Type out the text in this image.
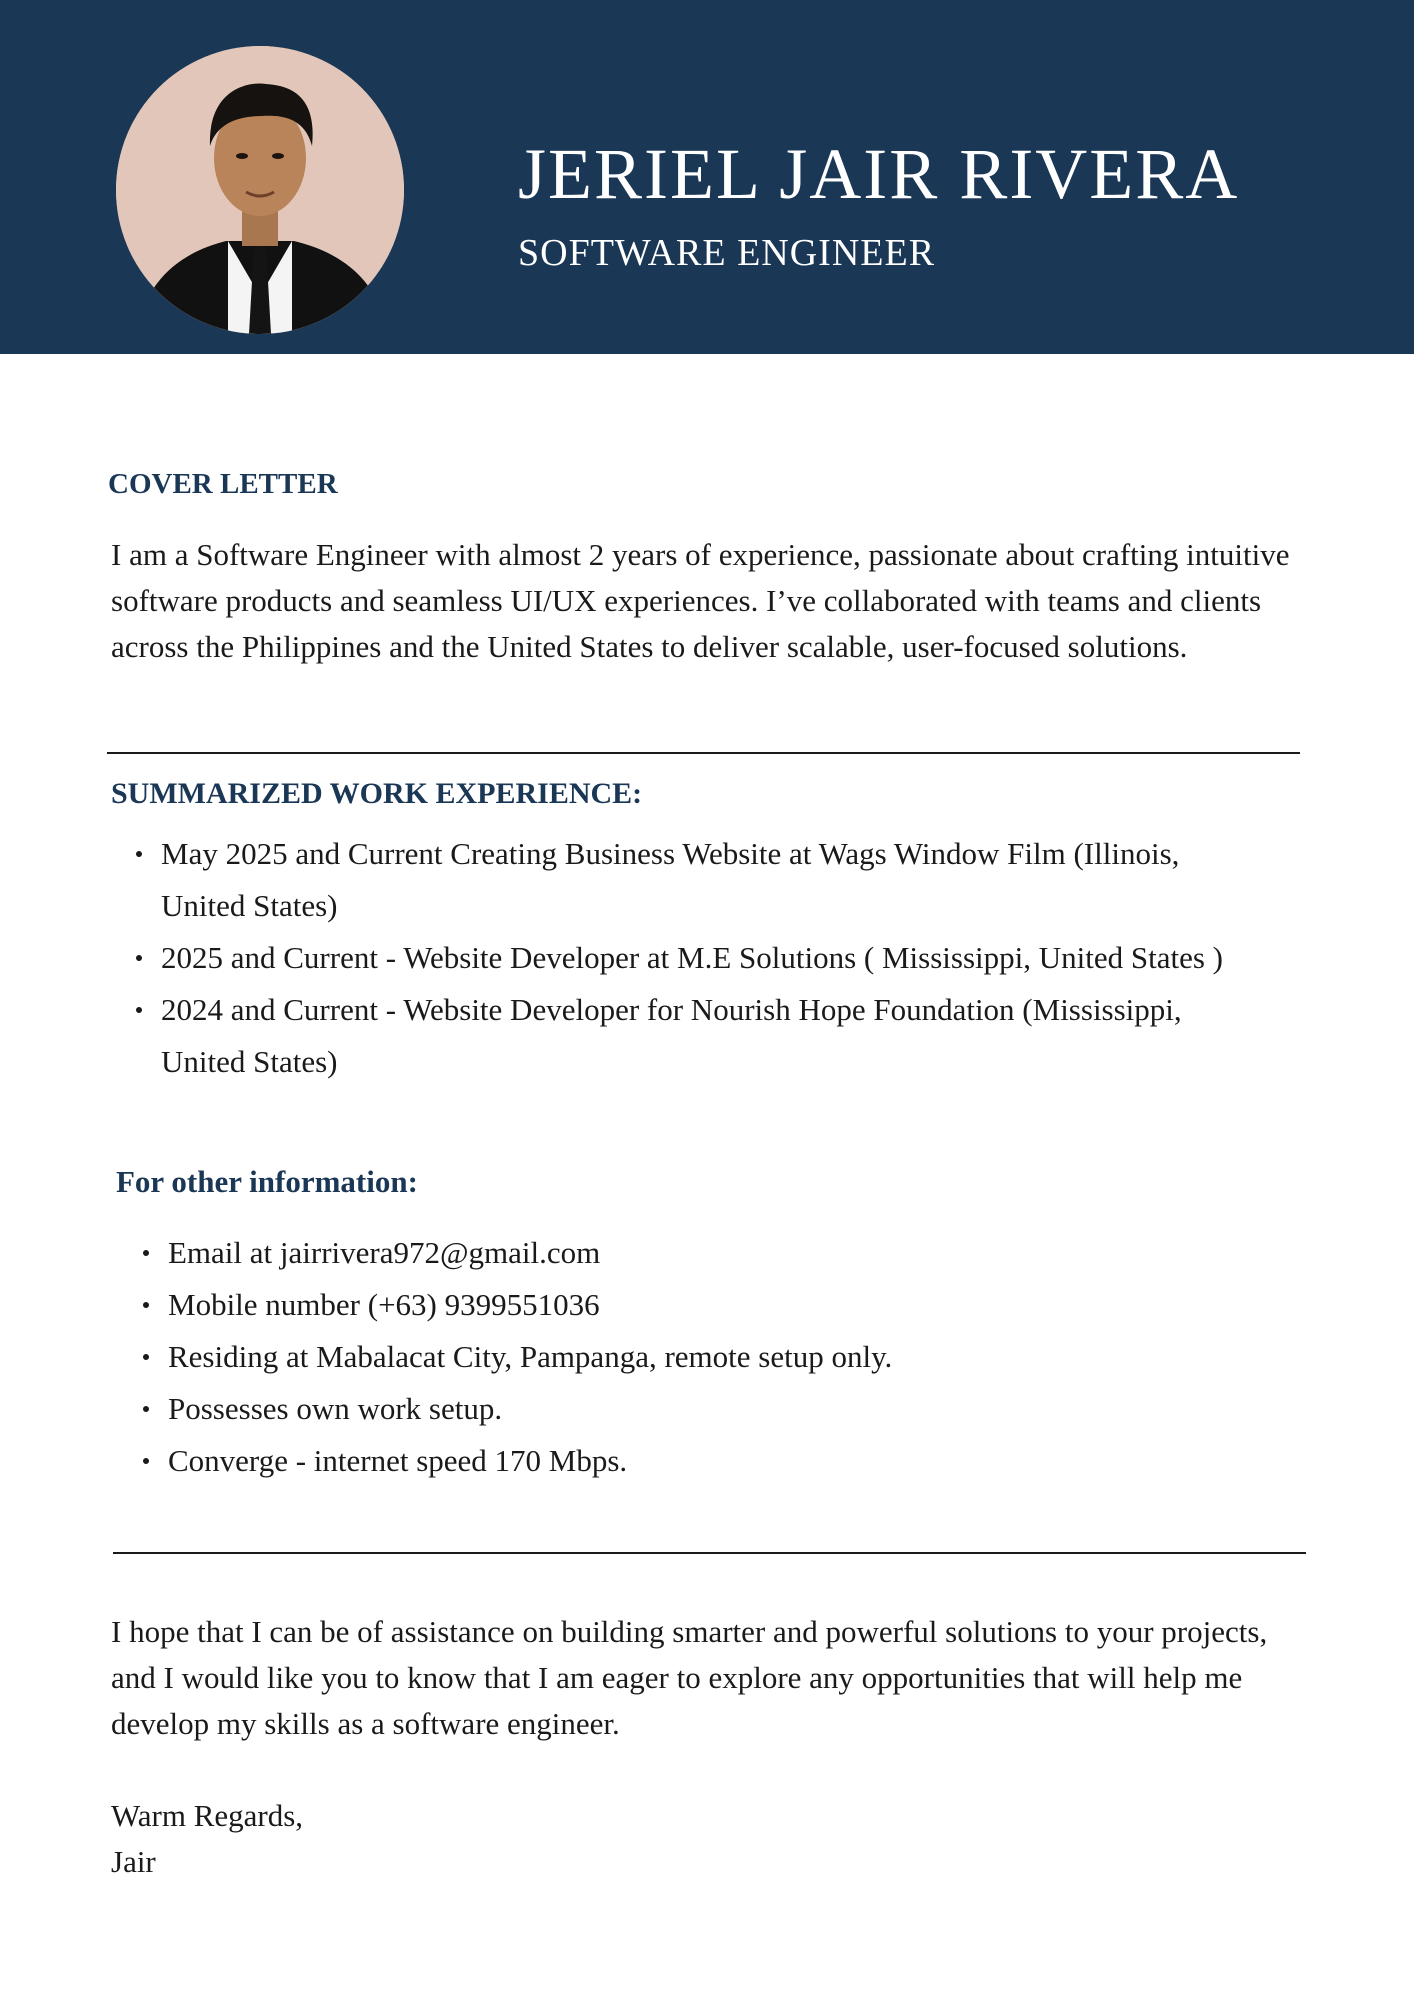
JERIEL JAIR RIVERA
SOFTWARE ENGINEER
COVER LETTER

I am a Software Engineer with almost 2 years of experience, passionate about crafting intuitive software products and seamless UI/UX experiences. I’ve collaborated with teams and clients across the Philippines and the United States to deliver scalable, user-focused solutions.

SUMMARIZED WORK EXPERIENCE:
May 2025 and Current Creating Business Website at Wags Window Film (Illinois, United States)
2025 and Current - Website Developer at M.E Solutions ( Mississippi, United States )
2024 and Current - Website Developer for Nourish Hope Foundation (Mississippi, United States)
For other information:
Email at jairrivera972@gmail.com
Mobile number (+63) 9399551036
Residing at Mabalacat City, Pampanga, remote setup only.
Possesses own work setup.
Converge - internet speed 170 Mbps.

I hope that I can be of assistance on building smarter and powerful solutions to your projects, and I would like you to know that I am eager to explore any opportunities that will help me develop my skills as a software engineer.

Warm Regards,
Jair
